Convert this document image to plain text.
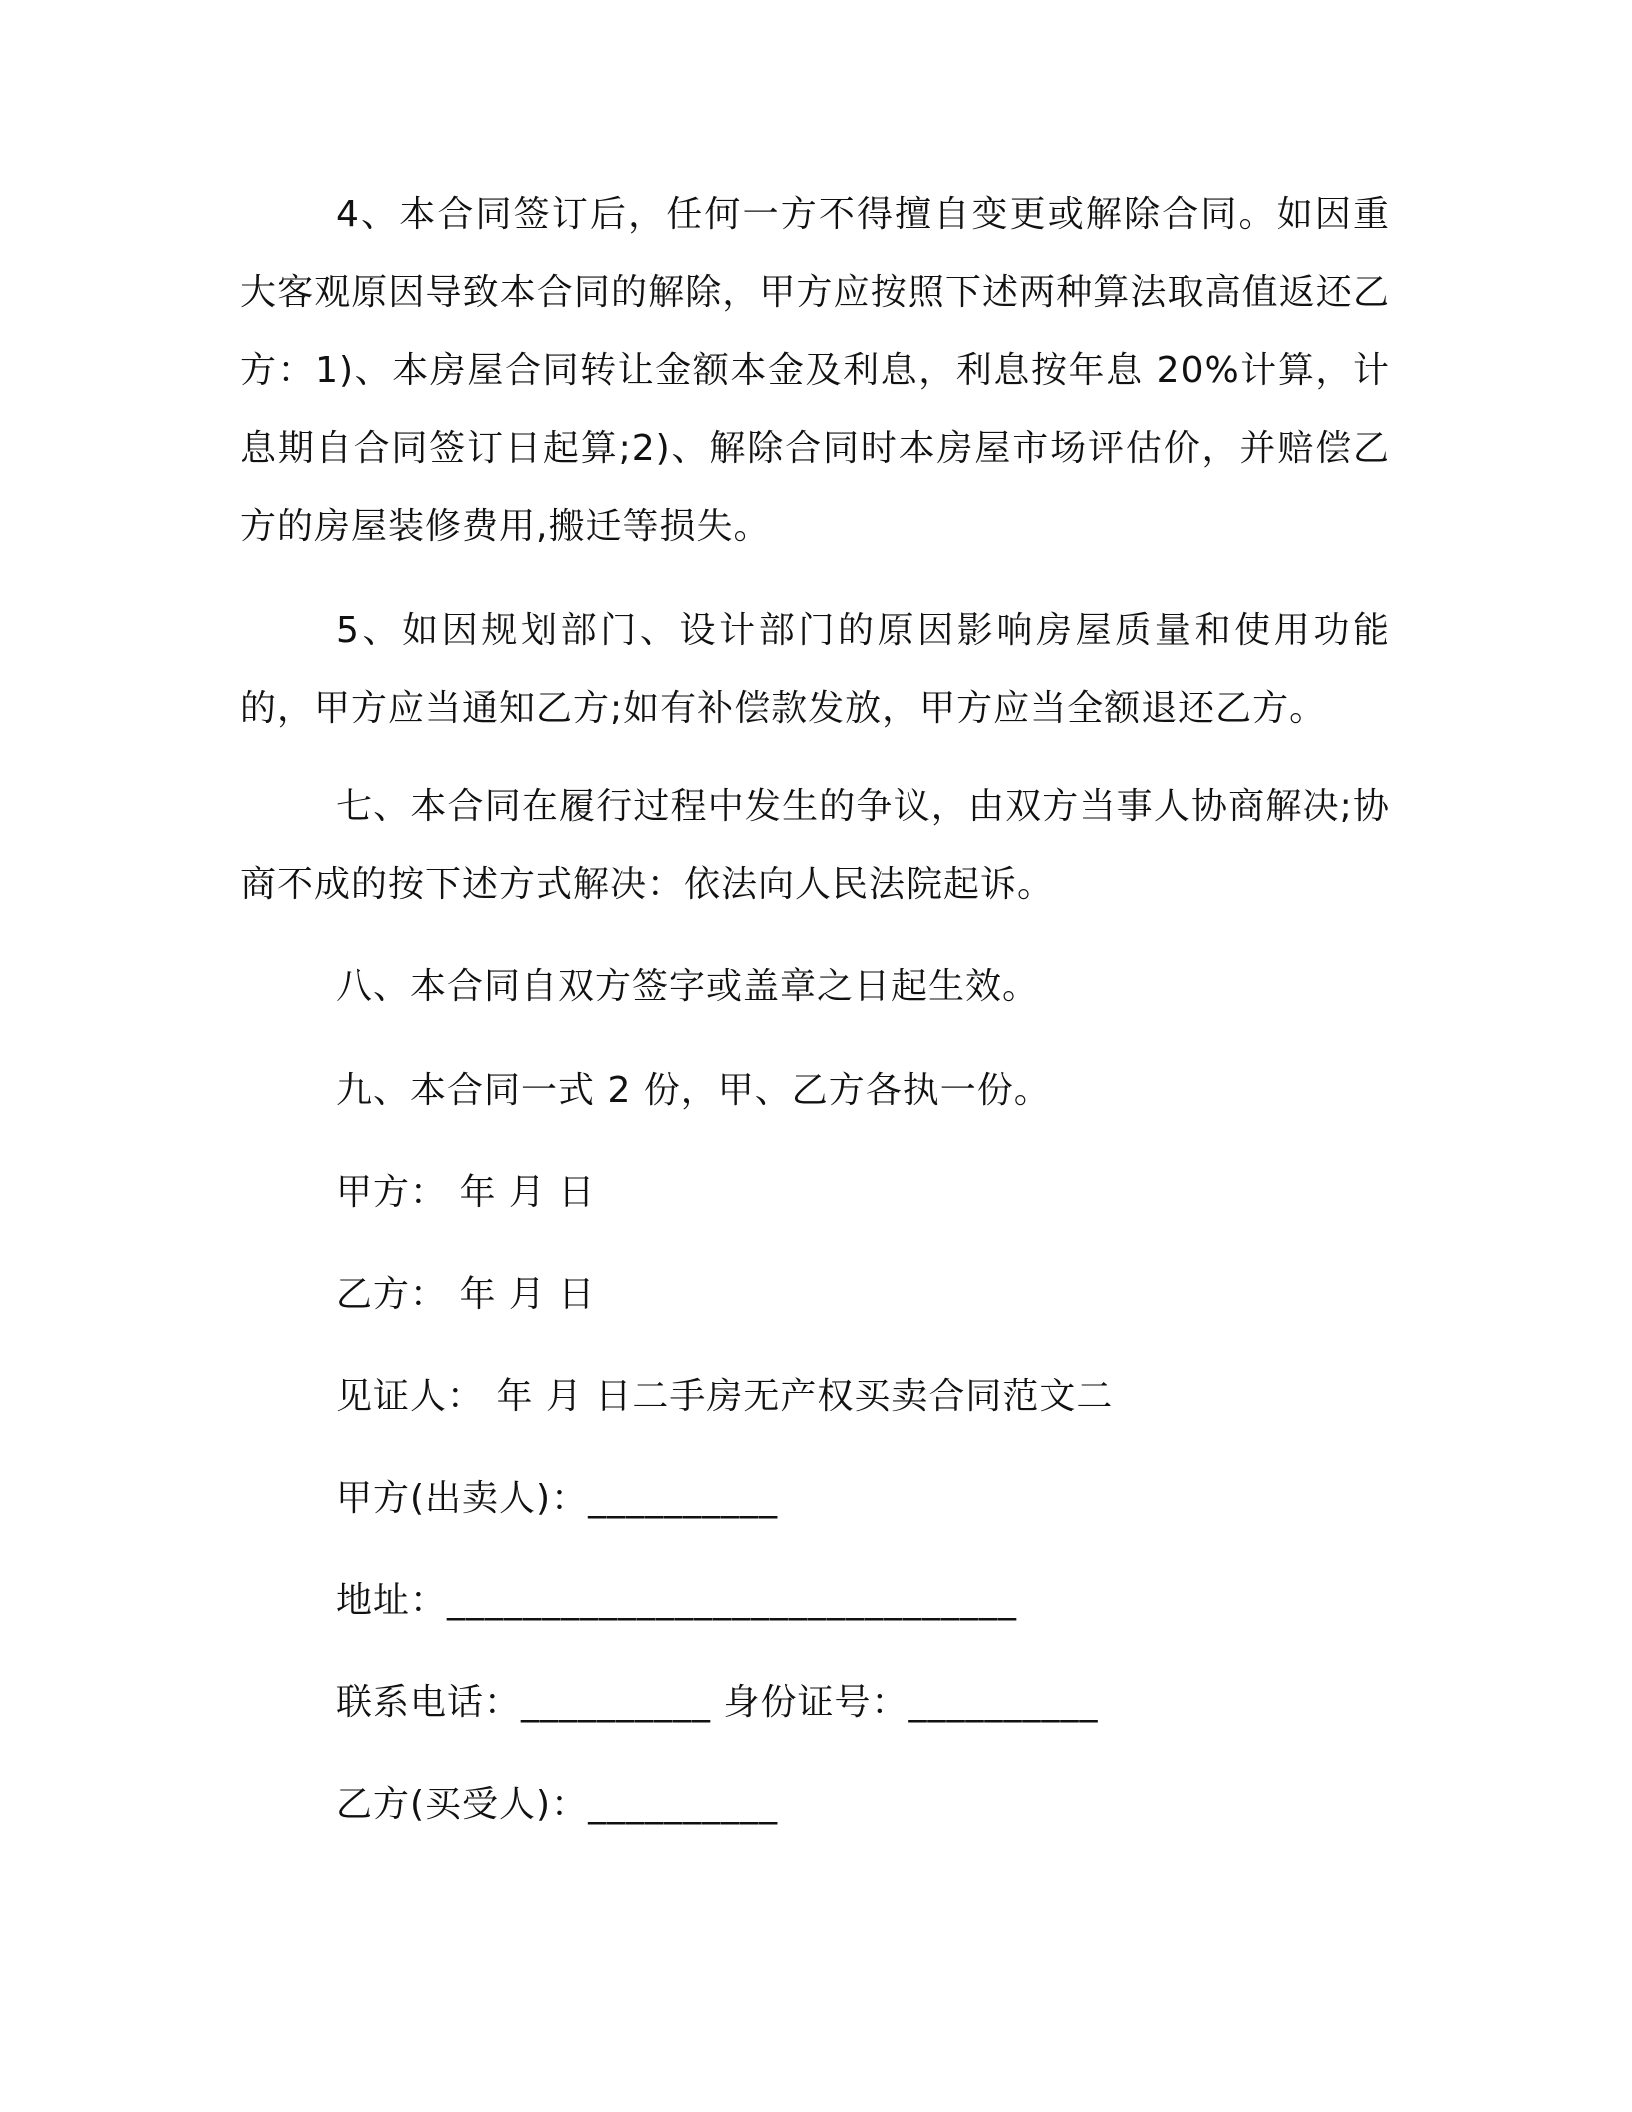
4、本合同签订后，任何一方不得擅自变更或解除合同。如因重大客观原因导致本合同的解除，甲方应按照下述两种算法取高值返还乙方：1)、本房屋合同转让金额本金及利息，利息按年息 20%计算，计息期自合同签订日起算;2)、解除合同时本房屋市场评估价，并赔偿乙方的房屋装修费用,搬迁等损失。

5、如因规划部门、设计部门的原因影响房屋质量和使用功能的，甲方应当通知乙方;如有补偿款发放，甲方应当全额退还乙方。

七、本合同在履行过程中发生的争议，由双方当事人协商解决;协商不成的按下述方式解决：依法向人民法院起诉。

八、本合同自双方签字或盖章之日起生效。

九、本合同一式 2 份，甲、乙方各执一份。

甲方： 年 月 日

乙方： 年 月 日

见证人： 年 月 日二手房无产权买卖合同范文二

甲方(出卖人)：__________

地址：______________________________

联系电话：__________ 身份证号：__________

乙方(买受人)：__________
